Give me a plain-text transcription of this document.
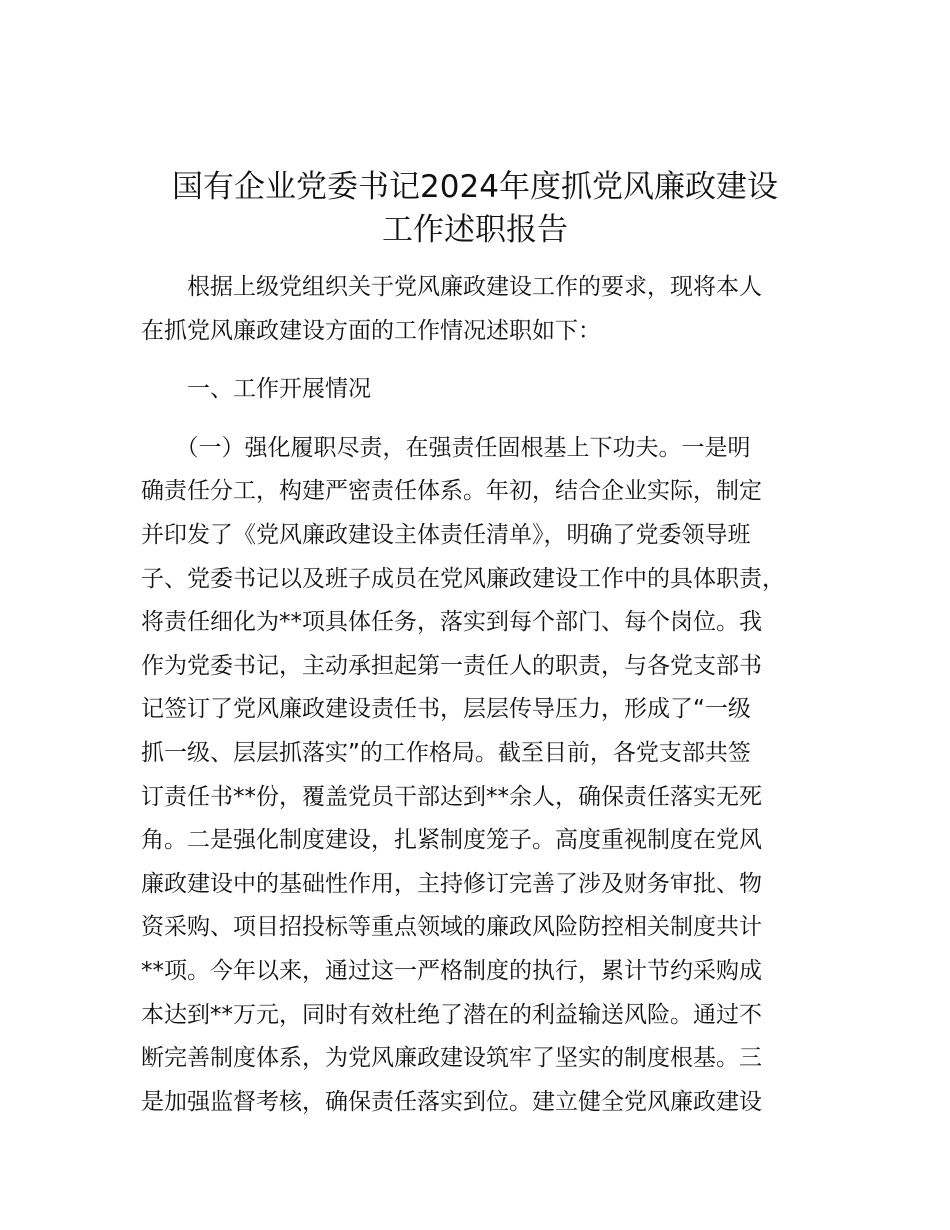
国有企业党委书记2024年度抓党风廉政建设
工作述职报告
　　根据上级党组织关于党风廉政建设工作的要求，现将本人
在抓党风廉政建设方面的工作情况述职如下：
　　一、工作开展情况
　　（一）强化履职尽责，在强责任固根基上下功夫。一是明
确责任分工，构建严密责任体系。年初，结合企业实际，制定
并印发了《党风廉政建设主体责任清单》，明确了党委领导班
子、党委书记以及班子成员在党风廉政建设工作中的具体职责，
将责任细化为**项具体任务，落实到每个部门、每个岗位。我
作为党委书记，主动承担起第一责任人的职责，与各党支部书
记签订了党风廉政建设责任书，层层传导压力，形成了“一级
抓一级、层层抓落实”的工作格局。截至目前，各党支部共签
订责任书**份，覆盖党员干部达到**余人，确保责任落实无死
角。二是强化制度建设，扎紧制度笼子。高度重视制度在党风
廉政建设中的基础性作用，主持修订完善了涉及财务审批、物
资采购、项目招投标等重点领域的廉政风险防控相关制度共计
**项。今年以来，通过这一严格制度的执行，累计节约采购成
本达到**万元，同时有效杜绝了潜在的利益输送风险。通过不
断完善制度体系，为党风廉政建设筑牢了坚实的制度根基。三
是加强监督考核，确保责任落实到位。建立健全党风廉政建设
